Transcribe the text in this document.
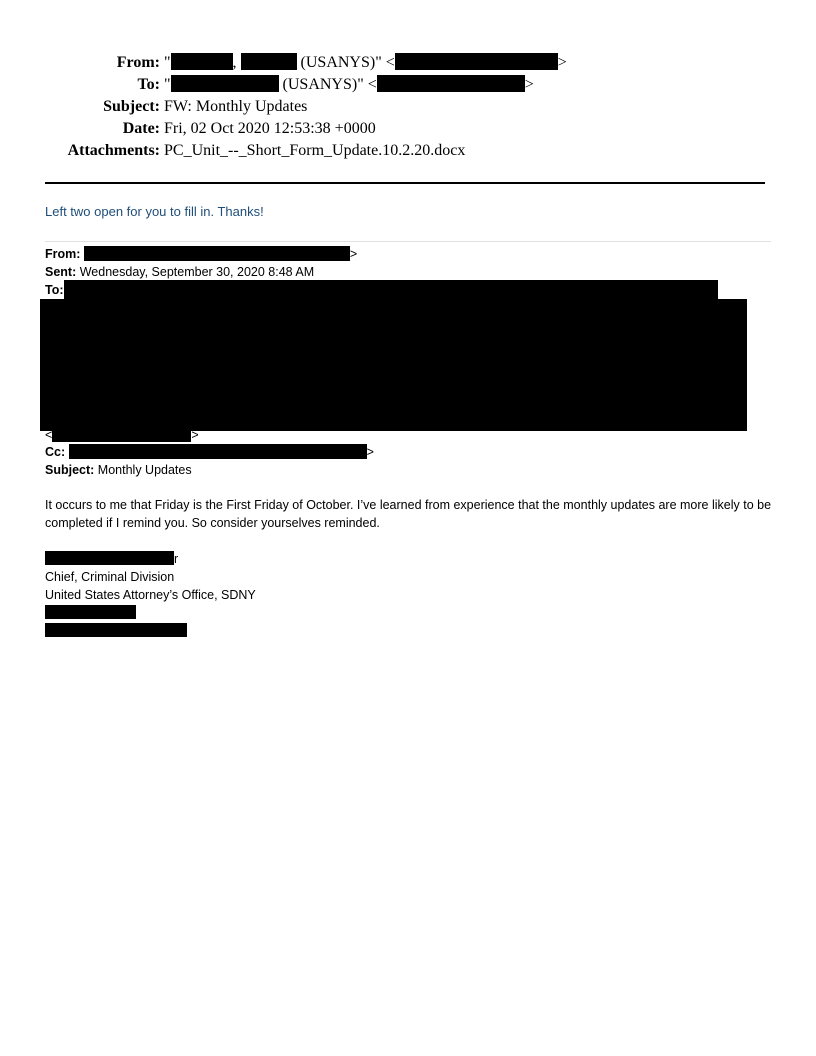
From: "	,	(USANYS)" <	>
To: "	(USANYS)" <	>
Subject: FW: Monthly Updates
Date: Fri, 02 Oct 2020 12:53:38 +0000
Attachments: PC_Unit_--_Short_Form_Update.10.2.20.docx
Left two open for you to fill in. Thanks!
From:	>
Sent: Wednesday, September 30, 2020 8:48 AM
To:
<	>
Cc:	>
Subject: Monthly Updates
It occurs to me that Friday is the First Friday of October. I’ve learned from experience that the monthly updates are more likely to be completed if I remind you. So consider yourselves reminded.
r
Chief, Criminal Division
United States Attorney’s Office, SDNY
